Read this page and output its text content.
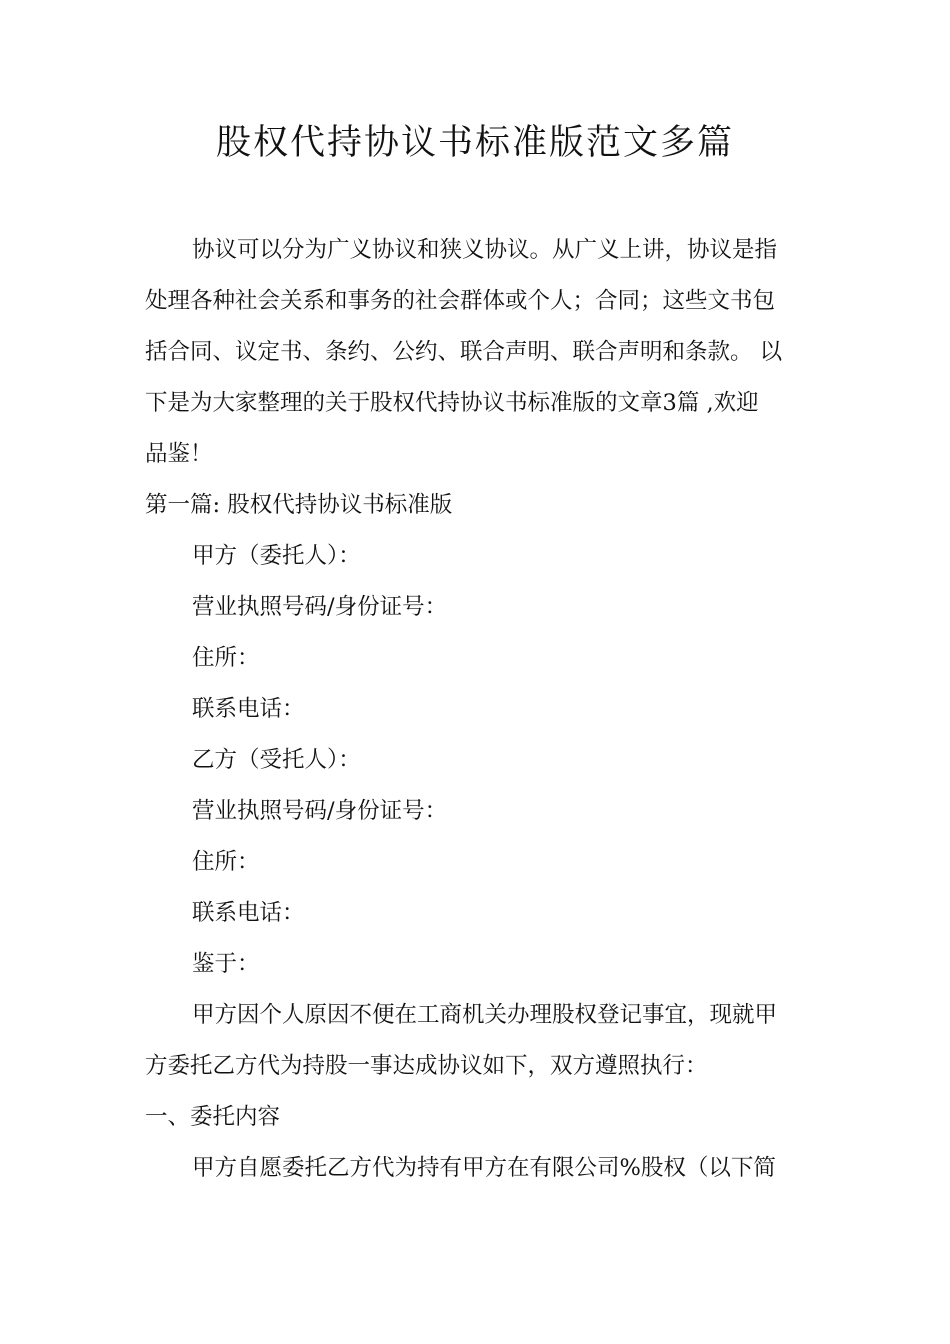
股权代持协议书标准版范文多篇

协议可以分为广义协议和狭义协议。从广义上讲，协议是指

处理各种社会关系和事务的社会群体或个人；合同；这些文书包

括合同、议定书、条约、公约、联合声明、联合声明和条款。 以

下是为大家整理的关于股权代持协议书标准版的文章3篇 ,欢迎

品鉴！

第一篇: 股权代持协议书标准版

甲方（委托人）：

营业执照号码/身份证号：

住所：

联系电话：

乙方（受托人）：

营业执照号码/身份证号：

住所：

联系电话：

鉴于：

甲方因个人原因不便在工商机关办理股权登记事宜，现就甲

方委托乙方代为持股一事达成协议如下，双方遵照执行：

一、委托内容

甲方自愿委托乙方代为持有甲方在有限公司%股权（以下简
